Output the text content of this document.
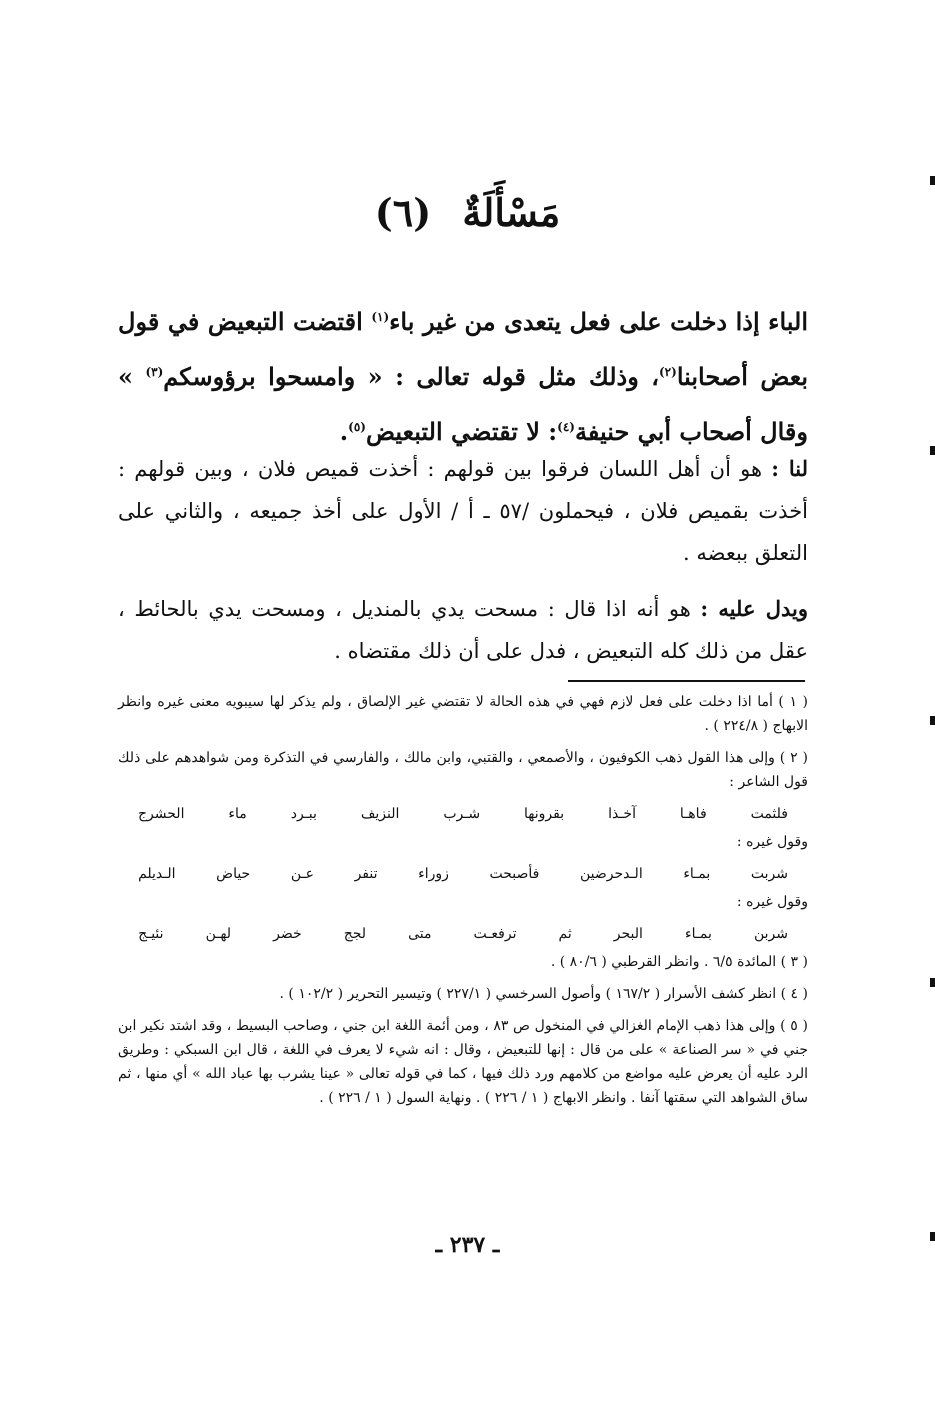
مَسْأَلَةٌ (٦)
الباء إذا دخلت على فعل يتعدى من غير باء$^{(١)}$ اقتضت التبعيض في قول بعض أصحابنا$^{(٢)}$، وذلك مثل قوله تعالى : « وامسحوا برؤوسكم$^{(٣)}$ » وقال أصحاب أبي حنيفة$^{(٤)}$: لا تقتضي التبعيض$^{(٥)}$.
لنا : هو أن أهل اللسان فرقوا بين قولهم : أخذت قميص فلان ، وبين قولهم : أخذت بقميص فلان ، فيحملون /٥٧ ـ أ / الأول على أخذ جميعه ، والثاني على التعلق ببعضه .
ويدل عليه : هو أنه اذا قال : مسحت يدي بالمنديل ، ومسحت يدي بالحائط ، عقل من ذلك كله التبعيض ، فدل على أن ذلك مقتضاه .

( ١ ) أما اذا دخلت على فعل لازم فهي في هذه الحالة لا تقتضي غير الإلصاق ، ولم يذكر لها سيبويه معنى غيره وانظر الابهاج ( ٢٢٤/٨ ) .

( ٢ ) وإلى هذا القول ذهب الكوفيون ، والأصمعي ، والقتبي، وابن مالك ، والفارسي في التذكرة ومن شواهدهم على ذلك قول الشاعر :

فلثمت
فاهـا
آخـذا
بقرونها
شـرب
النزيف
ببـرد
ماء
الحشرج

وقول غيره :

شربت
بمـاء
الـدحرضين
فأصبحت
زوراء
تنفر
عـن
حياض
الـديلم

وقول غيره :

شربن
بمـاء
البحر
ثم
ترفعـت
متى
لجج
خضر
لهـن
نئيـج

( ٣ ) المائدة ٦/٥ . وانظر القرطبي ( ٨٠/٦ ) .

( ٤ ) انظر كشف الأسرار ( ١٦٧/٢ ) وأصول السرخسي ( ٢٢٧/١ ) وتيسير التحرير ( ١٠٢/٢ ) .

( ٥ ) وإلى هذا ذهب الإمام الغزالي في المنخول ص ٨٣ ، ومن أئمة اللغة ابن جني ، وصاحب البسيط ، وقد اشتد نكير ابن جني في « سر الصناعة » على من قال : إنها للتبعيض ، وقال : انه شيء لا يعرف في اللغة ، قال ابن السبكي : وطريق الرد عليه أن يعرض عليه مواضع من كلامهم ورد ذلك فيها ، كما في قوله تعالى « عينا يشرب بها عباد الله » أي منها ، ثم ساق الشواهد التي سقتها آنفا . وانظر الابهاج ( ١ / ٢٢٦ ) . ونهاية السول ( ١ / ٢٢٦ ) .

ـ ٢٣٧ ـ
